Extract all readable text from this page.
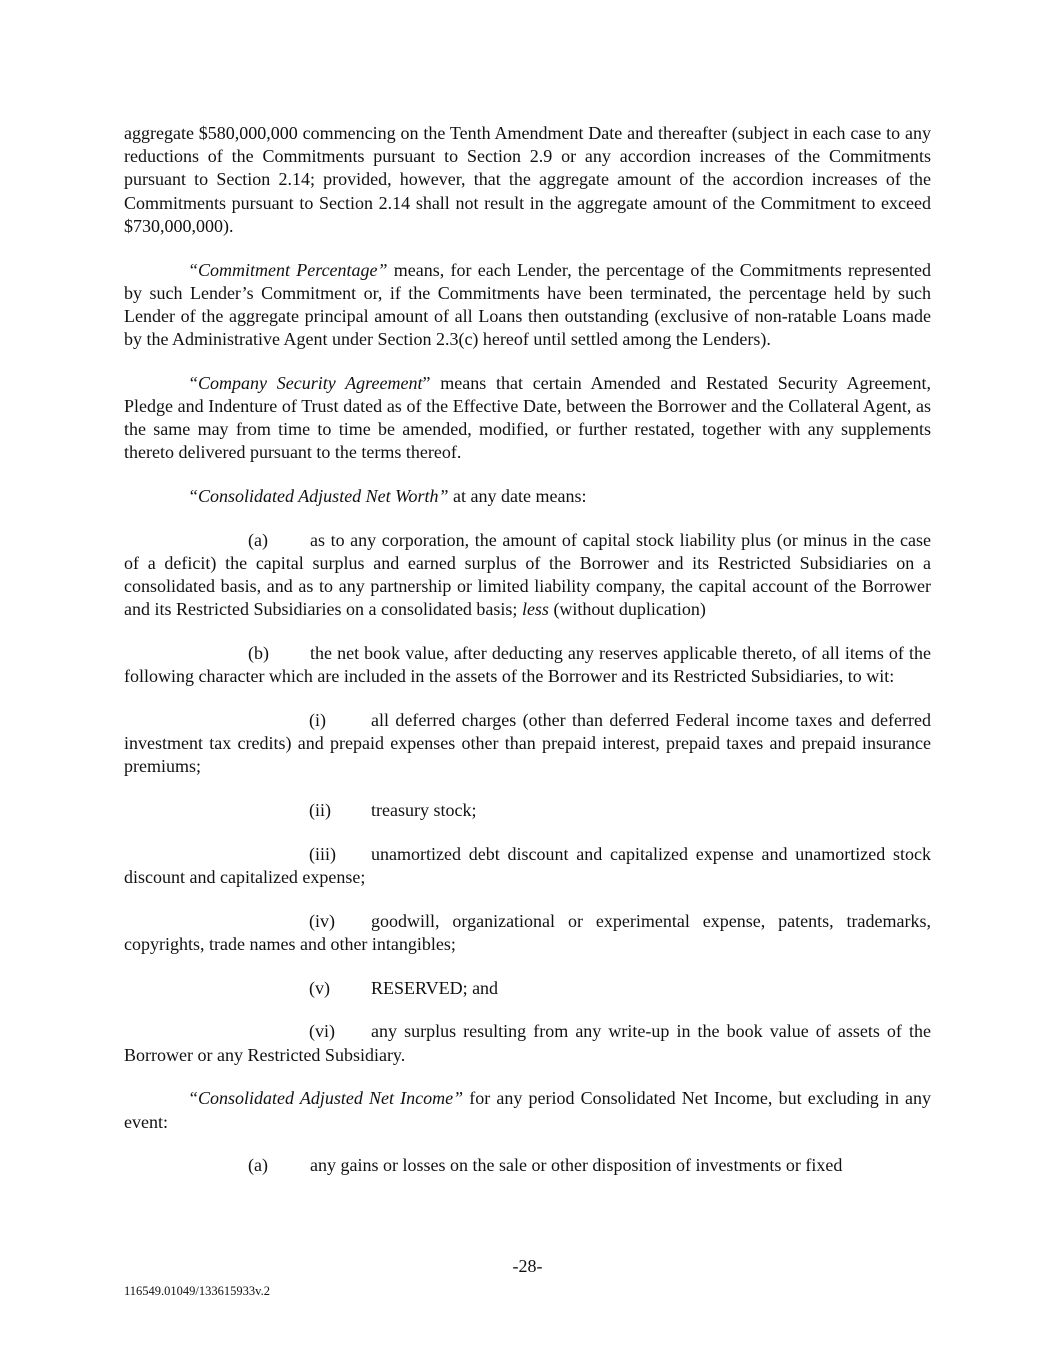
aggregate $580,000,000 commencing on the Tenth Amendment Date and thereafter (subject in each case to any reductions of the Commitments pursuant to Section 2.9 or any accordion increases of the Commitments pursuant to Section 2.14; provided, however, that the aggregate amount of the accordion increases of the Commitments pursuant to Section 2.14 shall not result in the aggregate amount of the Commitment to exceed $730,000,000).

“Commitment Percentage” means, for each Lender, the percentage of the Commitments represented by such Lender’s Commitment or, if the Commitments have been terminated, the percentage held by such Lender of the aggregate principal amount of all Loans then outstanding (exclusive of non-ratable Loans made by the Administrative Agent under Section 2.3(c) hereof until settled among the Lenders).

“Company Security Agreement” means that certain Amended and Restated Security Agreement, Pledge and Indenture of Trust dated as of the Effective Date, between the Borrower and the Collateral Agent, as the same may from time to time be amended, modified, or further restated, together with any supplements thereto delivered pursuant to the terms thereof.

“Consolidated Adjusted Net Worth” at any date means:

(a) as to any corporation, the amount of capital stock liability plus (or minus in the case of a deficit) the capital surplus and earned surplus of the Borrower and its Restricted Subsidiaries on a consolidated basis, and as to any partnership or limited liability company, the capital account of the Borrower and its Restricted Subsidiaries on a consolidated basis; less (without duplication)

(b) the net book value, after deducting any reserves applicable thereto, of all items of the following character which are included in the assets of the Borrower and its Restricted Subsidiaries, to wit:

(i)	all deferred charges (other than deferred Federal income taxes and deferred investment tax credits) and prepaid expenses other than prepaid interest, prepaid taxes and prepaid insurance premiums;

(ii) treasury stock;

(iii) unamortized debt discount and capitalized expense and unamortized stock discount and capitalized expense;

(iv) goodwill, organizational or experimental expense, patents, trademarks, copyrights, trade names and other intangibles;

(v) RESERVED; and

(vi) any surplus resulting from any write-up in the book value of assets of the Borrower or any Restricted Subsidiary.

“Consolidated Adjusted Net Income” for any period Consolidated Net Income, but excluding in any event:

(a) any gains or losses on the sale or other disposition of investments or fixed

-28-
116549.01049/133615933v.2
